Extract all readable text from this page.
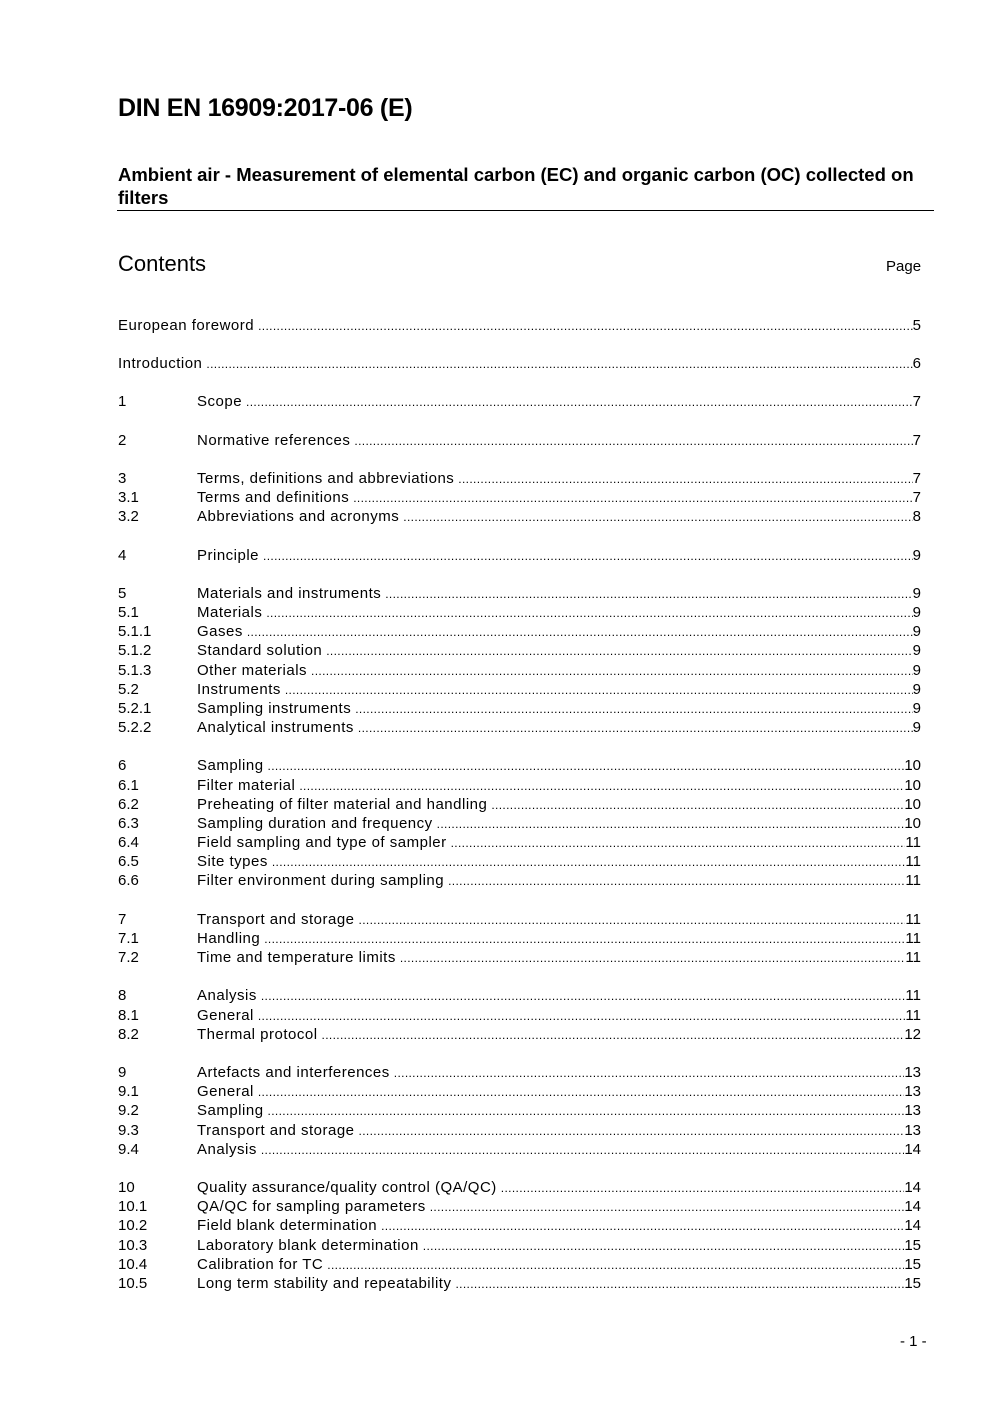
DIN EN 16909:2017-06 (E)
Ambient air - Measurement of elemental carbon (EC) and organic carbon (OC) collected on filters
Contents	Page
European foreword .....	5
Introduction .....	6
1	Scope .....	7
2	Normative references .....	7
3	Terms, definitions and abbreviations .....	7
3.1	Terms and definitions .....	7
3.2	Abbreviations and acronyms .....	8
4	Principle .....	9
5	Materials and instruments .....	9
5.1	Materials .....	9
5.1.1	Gases .....	9
5.1.2	Standard solution .....	9
5.1.3	Other materials .....	9
5.2	Instruments .....	9
5.2.1	Sampling instruments .....	9
5.2.2	Analytical instruments .....	9
6	Sampling .....	10
6.1	Filter material .....	10
6.2	Preheating of filter material and handling .....	10
6.3	Sampling duration and frequency .....	10
6.4	Field sampling and type of sampler .....	11
6.5	Site types .....	11
6.6	Filter environment during sampling .....	11
7	Transport and storage .....	11
7.1	Handling .....	11
7.2	Time and temperature limits .....	11
8	Analysis .....	11
8.1	General .....	11
8.2	Thermal protocol .....	12
9	Artefacts and interferences .....	13
9.1	General .....	13
9.2	Sampling .....	13
9.3	Transport and storage .....	13
9.4	Analysis .....	14
10	Quality assurance/quality control (QA/QC) .....	14
10.1	QA/QC for sampling parameters .....	14
10.2	Field blank determination .....	14
10.3	Laboratory blank determination .....	15
10.4	Calibration for TC .....	15
10.5	Long term stability and repeatability .....	15
- 1 -
